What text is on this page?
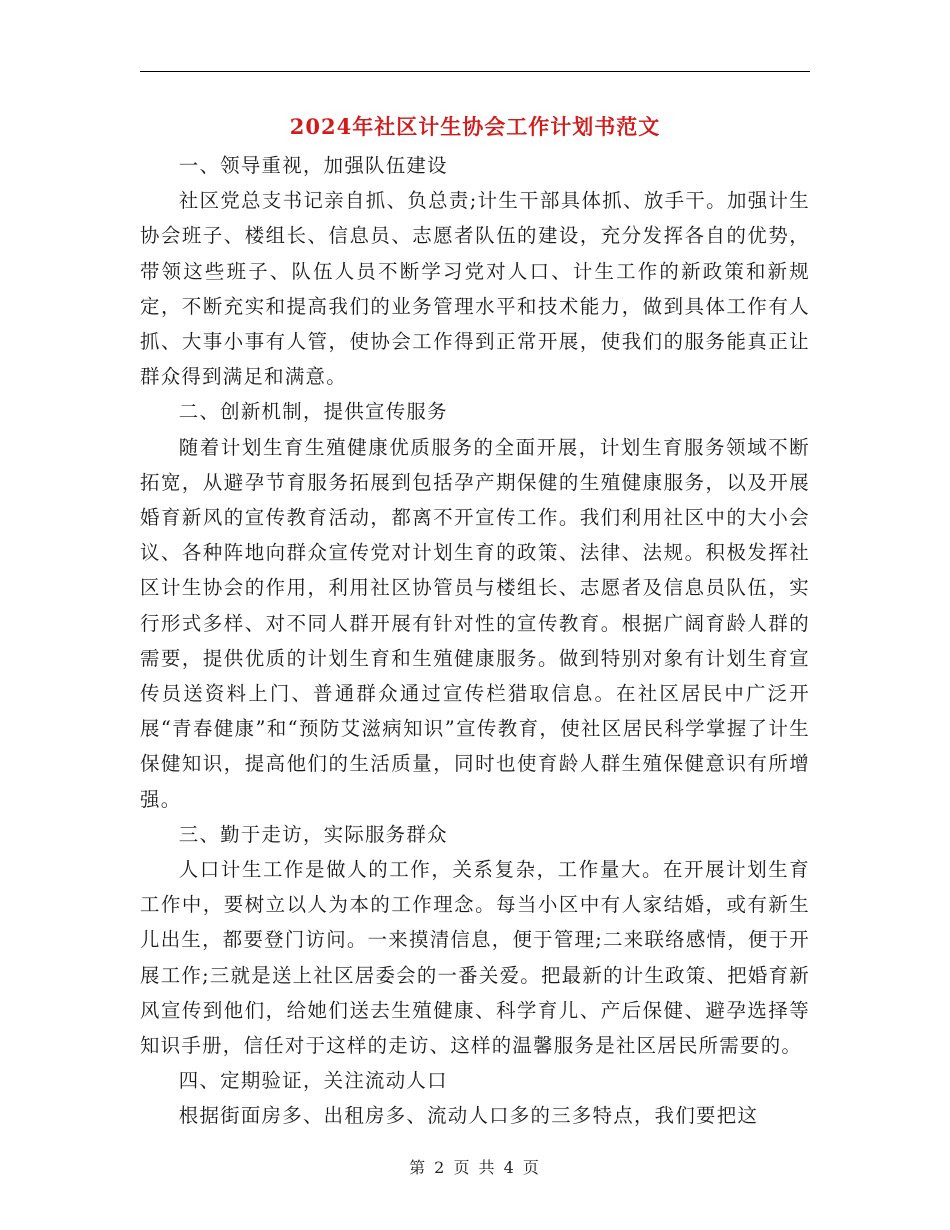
2024年社区计生协会工作计划书范文

一、领导重视，加强队伍建设

社区党总支书记亲自抓、负总责;计生干部具体抓、放手干。加强计生协会班子、楼组长、信息员、志愿者队伍的建设，充分发挥各自的优势，带领这些班子、队伍人员不断学习党对人口、计生工作的新政策和新规定，不断充实和提高我们的业务管理水平和技术能力，做到具体工作有人抓、大事小事有人管，使协会工作得到正常开展，使我们的服务能真正让群众得到满足和满意。

二、创新机制，提供宣传服务

随着计划生育生殖健康优质服务的全面开展，计划生育服务领域不断拓宽，从避孕节育服务拓展到包括孕产期保健的生殖健康服务，以及开展婚育新风的宣传教育活动，都离不开宣传工作。我们利用社区中的大小会议、各种阵地向群众宣传党对计划生育的政策、法律、法规。积极发挥社区计生协会的作用，利用社区协管员与楼组长、志愿者及信息员队伍，实行形式多样、对不同人群开展有针对性的宣传教育。根据广阔育龄人群的需要，提供优质的计划生育和生殖健康服务。做到特别对象有计划生育宣传员送资料上门、普通群众通过宣传栏猎取信息。在社区居民中广泛开展“青春健康”和“预防艾滋病知识”宣传教育，使社区居民科学掌握了计生保健知识，提高他们的生活质量，同时也使育龄人群生殖保健意识有所增强。

三、勤于走访，实际服务群众

人口计生工作是做人的工作，关系复杂，工作量大。在开展计划生育工作中，要树立以人为本的工作理念。每当小区中有人家结婚，或有新生儿出生，都要登门访问。一来摸清信息，便于管理;二来联络感情，便于开展工作;三就是送上社区居委会的一番关爱。把最新的计生政策、把婚育新风宣传到他们，给她们送去生殖健康、科学育儿、产后保健、避孕选择等知识手册，信任对于这样的走访、这样的温馨服务是社区居民所需要的。

四、定期验证，关注流动人口

根据街面房多、出租房多、流动人口多的三多特点，我们要把这

第 2 页 共 4 页
